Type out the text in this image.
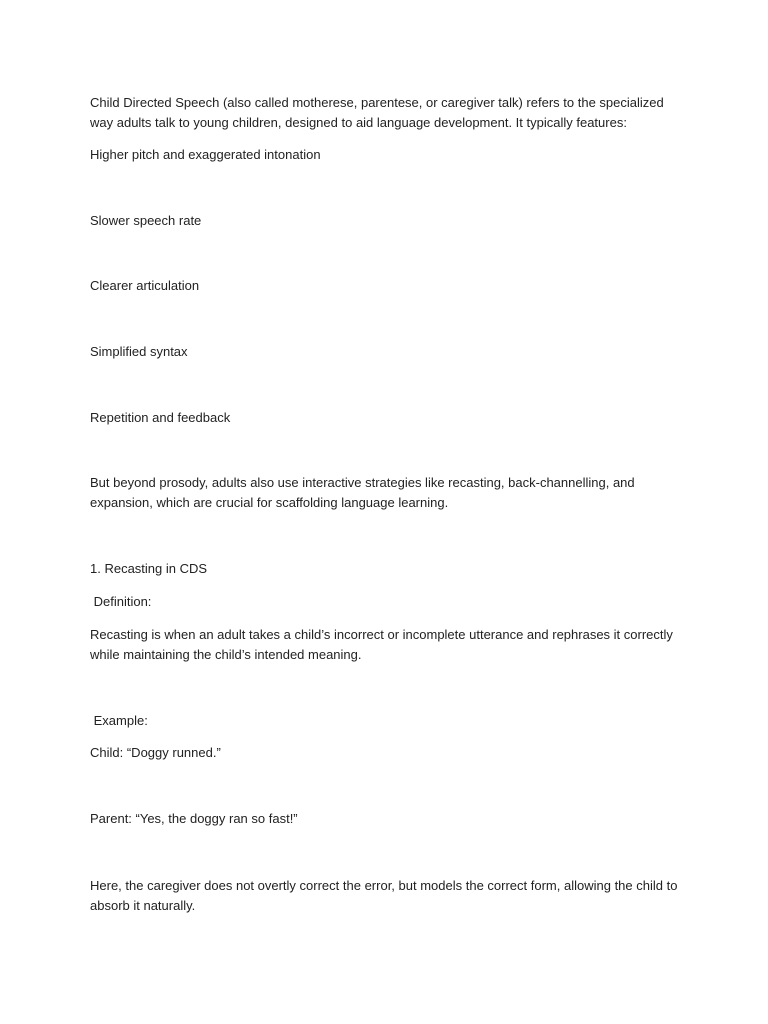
Child Directed Speech (also called motherese, parentese, or caregiver talk) refers to the specialized way adults talk to young children, designed to aid language development. It typically features:

Higher pitch and exaggerated intonation

Slower speech rate

Clearer articulation

Simplified syntax

Repetition and feedback

But beyond prosody, adults also use interactive strategies like recasting, back-channelling, and expansion, which are crucial for scaffolding language learning.

1. Recasting in CDS

Definition:

Recasting is when an adult takes a child’s incorrect or incomplete utterance and rephrases it correctly while maintaining the child’s intended meaning.

Example:

Child: “Doggy runned.”

Parent: “Yes, the doggy ran so fast!”

Here, the caregiver does not overtly correct the error, but models the correct form, allowing the child to absorb it naturally.
